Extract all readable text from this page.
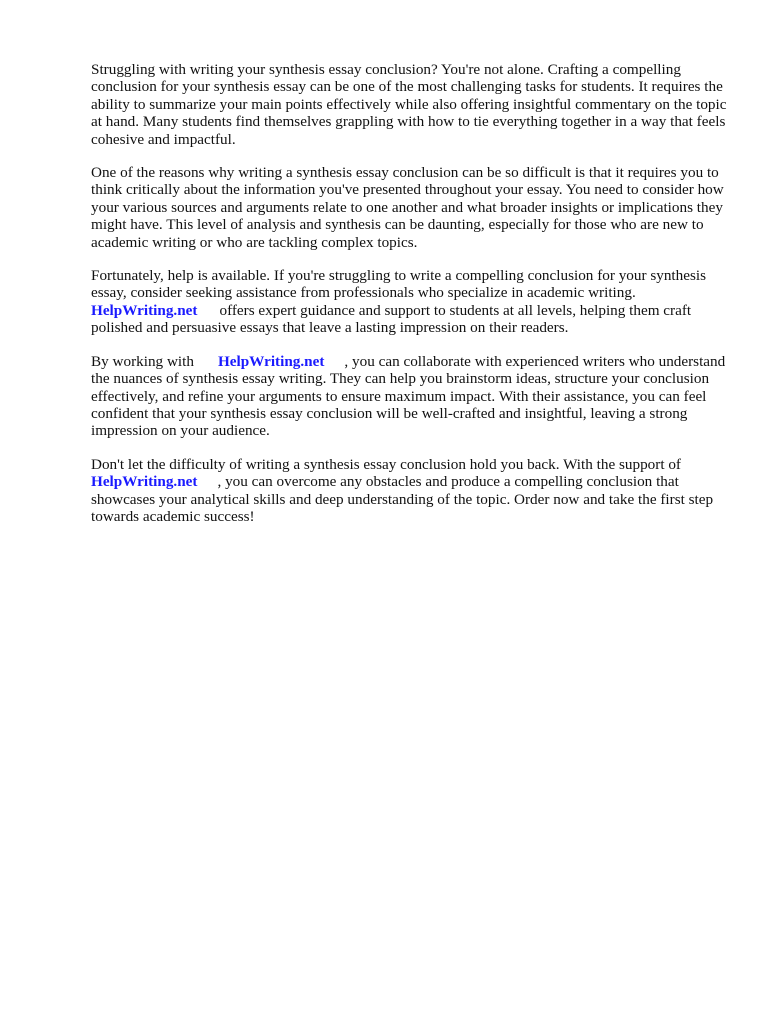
Struggling with writing your synthesis essay conclusion? You're not alone. Crafting a compelling conclusion for your synthesis essay can be one of the most challenging tasks for students. It requires the ability to summarize your main points effectively while also offering insightful commentary on the topic at hand. Many students find themselves grappling with how to tie everything together in a way that feels cohesive and impactful.

One of the reasons why writing a synthesis essay conclusion can be so difficult is that it requires you to think critically about the information you've presented throughout your essay. You need to consider how your various sources and arguments relate to one another and what broader insights or implications they might have. This level of analysis and synthesis can be daunting, especially for those who are new to academic writing or who are tackling complex topics.

Fortunately, help is available. If you're struggling to write a compelling conclusion for your synthesis essay, consider seeking assistance from professionals who specialize in academic writing. HelpWriting.net offers expert guidance and support to students at all levels, helping them craft polished and persuasive essays that leave a lasting impression on their readers.

By working with HelpWriting.net , you can collaborate with experienced writers who understand the nuances of synthesis essay writing. They can help you brainstorm ideas, structure your conclusion effectively, and refine your arguments to ensure maximum impact. With their assistance, you can feel confident that your synthesis essay conclusion will be well-crafted and insightful, leaving a strong impression on your audience.

Don't let the difficulty of writing a synthesis essay conclusion hold you back. With the support of HelpWriting.net , you can overcome any obstacles and produce a compelling conclusion that showcases your analytical skills and deep understanding of the topic. Order now and take the first step towards academic success!
